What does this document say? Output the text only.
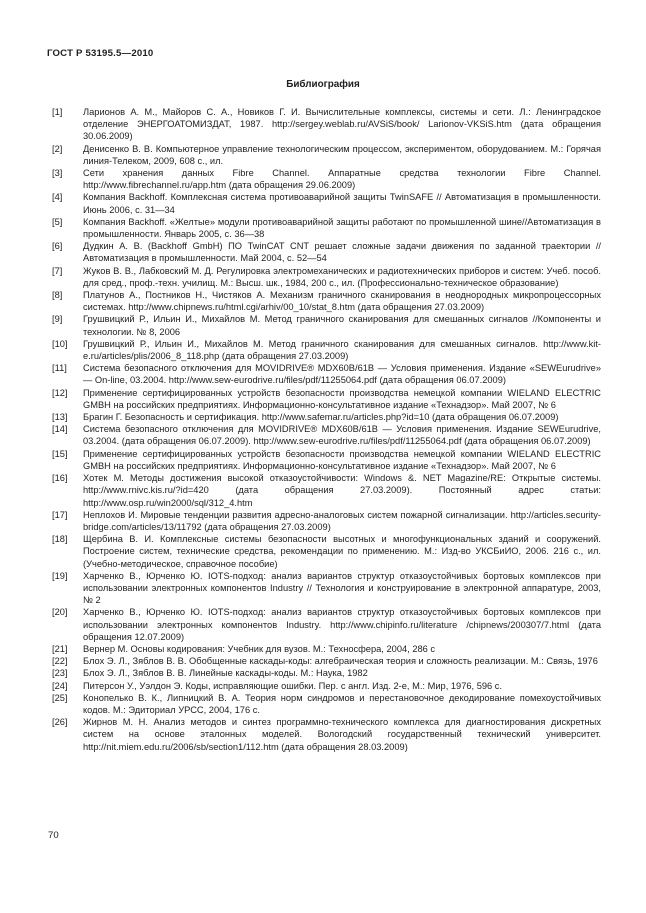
ГОСТ Р 53195.5—2010
Библиография
[1]	Ларионов А. М., Майоров С. А., Новиков Г. И. Вычислительные комплексы, системы и сети. Л.: Ленинградское отделение ЭНЕРГОАТОМИЗДАТ, 1987. http://sergey.weblab.ru/AVSiS/book/ Larionov-VKSiS.htm (дата обращения 30.06.2009)
[2]	Денисенко В. В. Компьютерное управление технологическим процессом, экспериментом, оборудованием. М.: Горячая линия-Телеком, 2009, 608 с., ил.
[3]	Сети хранения данных Fibre Channel. Аппаратные средства технологии Fibre Channel. http://www.fibrechannel.ru/app.htm (дата обращения 29.06.2009)
[4]	Компания Backhoff. Комплексная система противоаварийной защиты TwinSAFE // Автоматизация в промышленности. Июнь 2006, с. 31—34
[5]	Компания Backhoff. «Желтые» модули противоаварийной защиты работают по промышленной шине//Автоматизация в промышленности. Январь 2005, с. 36—38
[6]	Дудкин А. В. (Backhoff GmbH) ПО TwinCAT CNT решает сложные задачи движения по заданной траектории //Автоматизация в промышленности. Май 2004, с. 52—54
[7]	Жуков В. В., Лабковский М. Д. Регулировка электромеханических и радиотехнических приборов и систем: Учеб. пособ. для сред., проф.-техн. училищ. М.: Высш. шк., 1984, 200 с., ил. (Профессионально-техническое образование)
[8]	Платунов А., Постников Н., Чистяков А. Механизм граничного сканирования в неоднородных микропроцессорных системах. http://www.chipnews.ru/html.cgi/arhiv/00_10/stat_8.htm (дата обращения 27.03.2009)
[9]	Грушвицкий Р., Ильин И., Михайлов М. Метод граничного сканирования для смешанных сигналов //Компоненты и технологии. № 8, 2006
[10]	Грушвицкий Р., Ильин И., Михайлов М. Метод граничного сканирования для смешанных сигналов. http://www.kit-e.ru/articles/plis/2006_8_118.php (дата обращения 27.03.2009)
[11]	Система безопасного отключения для MOVIDRIVE® MDX60B/61B — Условия применения. Издание «SEWEurudrive» — On-line, 03.2004. http://www.sew-eurodrive.ru/files/pdf/11255064.pdf (дата обращения 06.07.2009)
[12]	Применение сертифицированных устройств безопасности производства немецкой компании WIELAND ELECTRIC GMBH на российских предприятиях. Информационно-консультативное издание «Технадзор». Май 2007, № 6
[13]	Брагин Г. Безопасность и сертификация. http://www.safemar.ru/articles.php?id=10 (дата обращения 06.07.2009)
[14]	Система безопасного отключения для MOVIDRIVE® MDX60B/61B — Условия применения. Издание SEWEurudrive, 03.2004. (дата обращения 06.07.2009). http://www.sew-eurodrive.ru/files/pdf/11255064.pdf (дата обращения 06.07.2009)
[15]	Применение сертифицированных устройств безопасности производства немецкой компании WIELAND ELECTRIC GMBH на российских предприятиях. Информационно-консультативное издание «Технадзор». Май 2007, № 6
[16]	Хотек М. Методы достижения высокой отказоустойчивости: Windows &. NET Magazine/RE: Открытые системы. http://www.rnivc.kis.ru/?id=420 (дата обращения 27.03.2009). Постоянный адрес статьи: http://www.osp.ru/win2000/sql/312_4.htm
[17]	Неплохов И. Мировые тенденции развития адресно-аналоговых систем пожарной сигнализации. http://articles.security-bridge.com/articles/13/11792 (дата обращения 27.03.2009)
[18]	Щербина В. И. Комплексные системы безопасности высотных и многофункциональных зданий и сооружений. Построение систем, технические средства, рекомендации по применению. М.: Изд-во УКСБиИО, 2006. 216 с., ил. (Учебно-методическое, справочное пособие)
[19]	Харченко В., Юрченко Ю. IOTS-подход: анализ вариантов структур отказоустойчивых бортовых комплексов при использовании электронных компонентов Industry // Технология и конструирование в электронной аппаратуре, 2003, № 2
[20]	Харченко В., Юрченко Ю. IOTS-подход: анализ вариантов структур отказоустойчивых бортовых комплексов при использовании электронных компонентов Industry. http://www.chipinfo.ru/literature /chipnews/200307/7.html (дата обращения 12.07.2009)
[21]	Вернер М. Основы кодирования: Учебник для вузов. М.: Техносфера, 2004, 286 с
[22]	Блох Э. Л., Зяблов В. В. Обобщенные каскады-коды: алгебраическая теория и сложность реализации. М.: Связь, 1976
[23]	Блох Э. Л., Зяблов В. В. Линейные каскады-коды. М.: Наука, 1982
[24]	Питерсон У., Уэлдон Э. Коды, исправляющие ошибки. Пер. с англ. Изд. 2-е, М.: Мир, 1976, 596 с.
[25]	Конопелько В. К., Липницкий В. А. Теория норм синдромов и перестановочное декодирование помехоустойчивых кодов. М.: Эдиториал УРСС, 2004, 176 с.
[26]	Жирнов М. Н. Анализ методов и синтез программно-технического комплекса для диагностирования дискретных систем на основе эталонных моделей. Вологодский государственный технический университет. http://nit.miem.edu.ru/2006/sb/section1/112.htm (дата обращения 28.03.2009)
70
